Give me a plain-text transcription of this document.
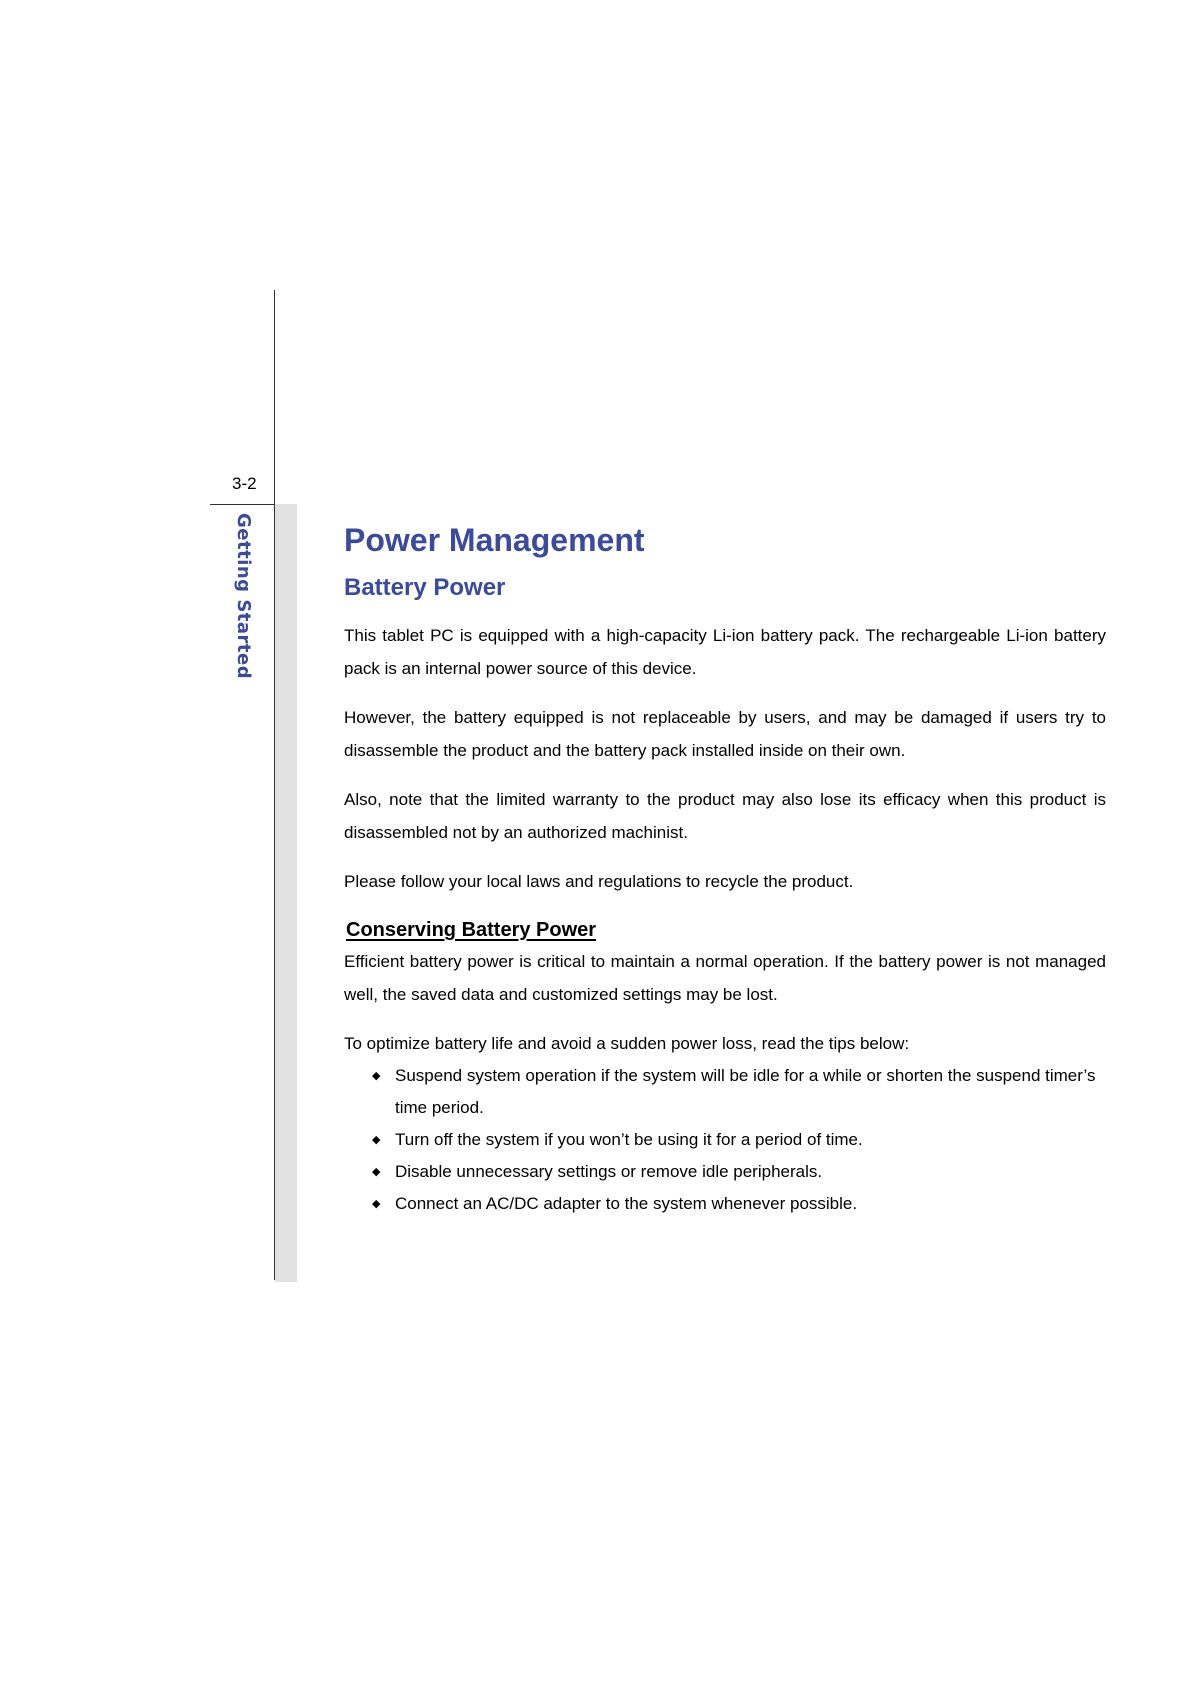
3-2
Getting Started	Power Management
Battery Power

This tablet PC is equipped with a high-capacity Li-ion battery pack. The rechargeable Li-ion battery pack is an internal power source of this device.

However, the battery equipped is not replaceable by users, and may be damaged if users try to disassemble the product and the battery pack installed inside on their own.

Also, note that the limited warranty to the product may also lose its efficacy when this product is disassembled not by an authorized machinist.

Please follow your local laws and regulations to recycle the product.

Conserving Battery Power

Efficient battery power is critical to maintain a normal operation. If the battery power is not managed well, the saved data and customized settings may be lost.

To optimize battery life and avoid a sudden power loss, read the tips below:

◆ Suspend system operation if the system will be idle for a while or shorten the suspend timer’s time period.
◆ Turn off the system if you won’t be using it for a period of time.
◆ Disable unnecessary settings or remove idle peripherals.
◆ Connect an AC/DC adapter to the system whenever possible.
